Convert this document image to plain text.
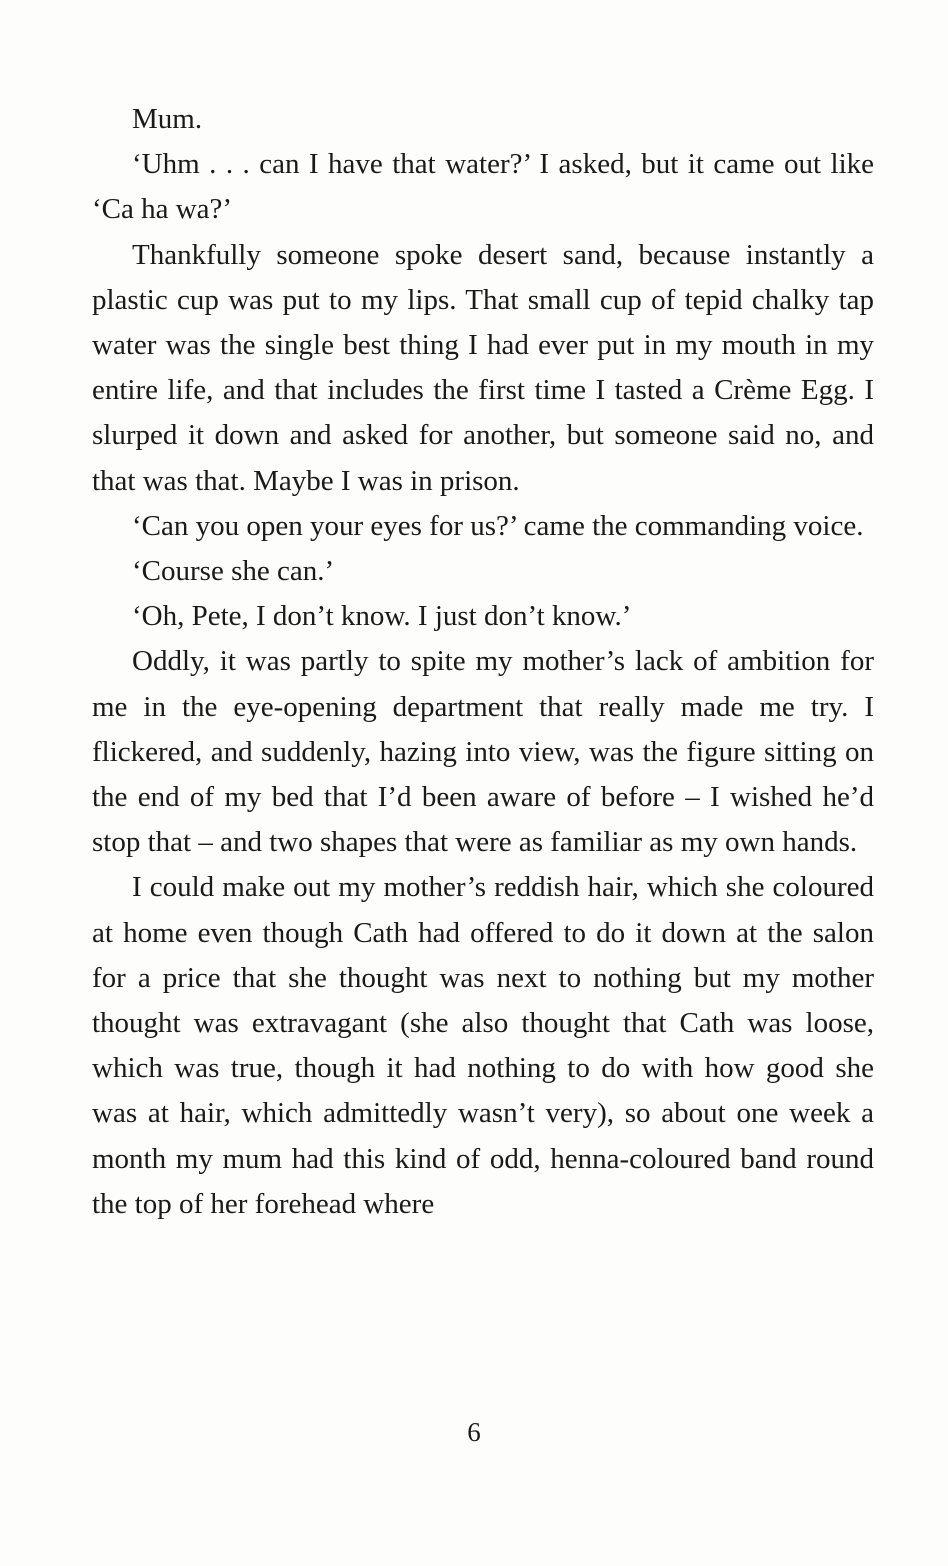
Mum.

‘Uhm . . . can I have that water?’ I asked, but it came out like ‘Ca ha wa?’

Thankfully someone spoke desert sand, because instantly a plastic cup was put to my lips. That small cup of tepid chalky tap water was the single best thing I had ever put in my mouth in my entire life, and that includes the first time I tasted a Crème Egg. I slurped it down and asked for another, but someone said no, and that was that. Maybe I was in prison.

‘Can you open your eyes for us?’ came the commanding voice.

‘Course she can.’

‘Oh, Pete, I don’t know. I just don’t know.’

Oddly, it was partly to spite my mother’s lack of ambition for me in the eye-opening department that really made me try. I flickered, and suddenly, hazing into view, was the figure sitting on the end of my bed that I’d been aware of before – I wished he’d stop that – and two shapes that were as familiar as my own hands.

I could make out my mother’s reddish hair, which she coloured at home even though Cath had offered to do it down at the salon for a price that she thought was next to nothing but my mother thought was extravagant (she also thought that Cath was loose, which was true, though it had nothing to do with how good she was at hair, which admittedly wasn’t very), so about one week a month my mum had this kind of odd, henna-coloured band round the top of her forehead where

6
